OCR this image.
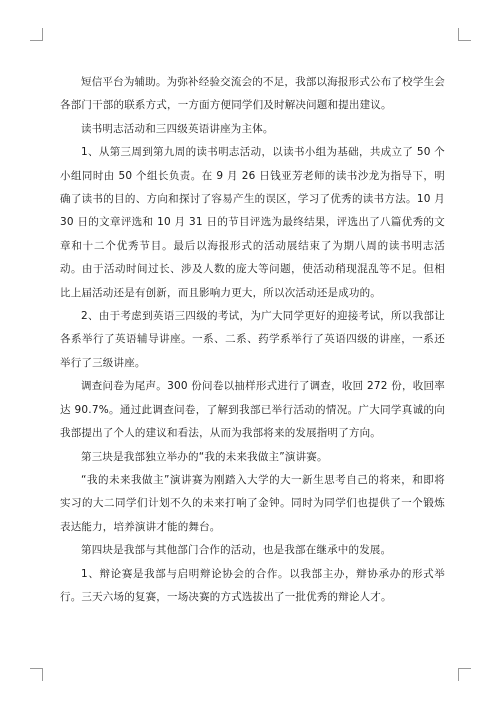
短信平台为辅助。为弥补经验交流会的不足，我部以海报形式公布了校学生会各部门干部的联系方式，一方面方便同学们及时解决问题和提出建议。

读书明志活动和三四级英语讲座为主体。

1、从第三周到第九周的读书明志活动，以读书小组为基础，共成立了 50 个小组同时由 50 个组长负责。在 9 月 26 日钱亚芳老师的读书沙龙为指导下，明确了读书的目的、方向和探讨了容易产生的误区，学习了优秀的读书方法。10 月 30 日的文章评选和 10 月 31 日的节目评选为最终结果，评选出了八篇优秀的文章和十二个优秀节目。最后以海报形式的活动展结束了为期八周的读书明志活动。由于活动时间过长、涉及人数的庞大等问题，使活动稍现混乱等不足。但相比上届活动还是有创新，而且影响力更大，所以次活动还是成功的。

2、由于考虑到英语三四级的考试，为广大同学更好的迎接考试，所以我部让各系举行了英语辅导讲座。一系、二系、药学系举行了英语四级的讲座，一系还举行了三级讲座。

调查问卷为尾声。300 份问卷以抽样形式进行了调查，收回 272 份，收回率达 90.7%。通过此调查问卷，了解到我部已举行活动的情况。广大同学真诚的向我部提出了个人的建议和看法，从而为我部将来的发展指明了方向。

第三块是我部独立举办的“我的未来我做主”演讲赛。

“我的未来我做主”演讲赛为刚踏入大学的大一新生思考自己的将来，和即将实习的大二同学们计划不久的未来打响了金钟。同时为同学们也提供了一个锻炼表达能力，培养演讲才能的舞台。

第四块是我部与其他部门合作的活动，也是我部在继承中的发展。

1、辩论赛是我部与启明辩论协会的合作。以我部主办，辩协承办的形式举行。三天六场的复赛，一场决赛的方式选拔出了一批优秀的辩论人才。
